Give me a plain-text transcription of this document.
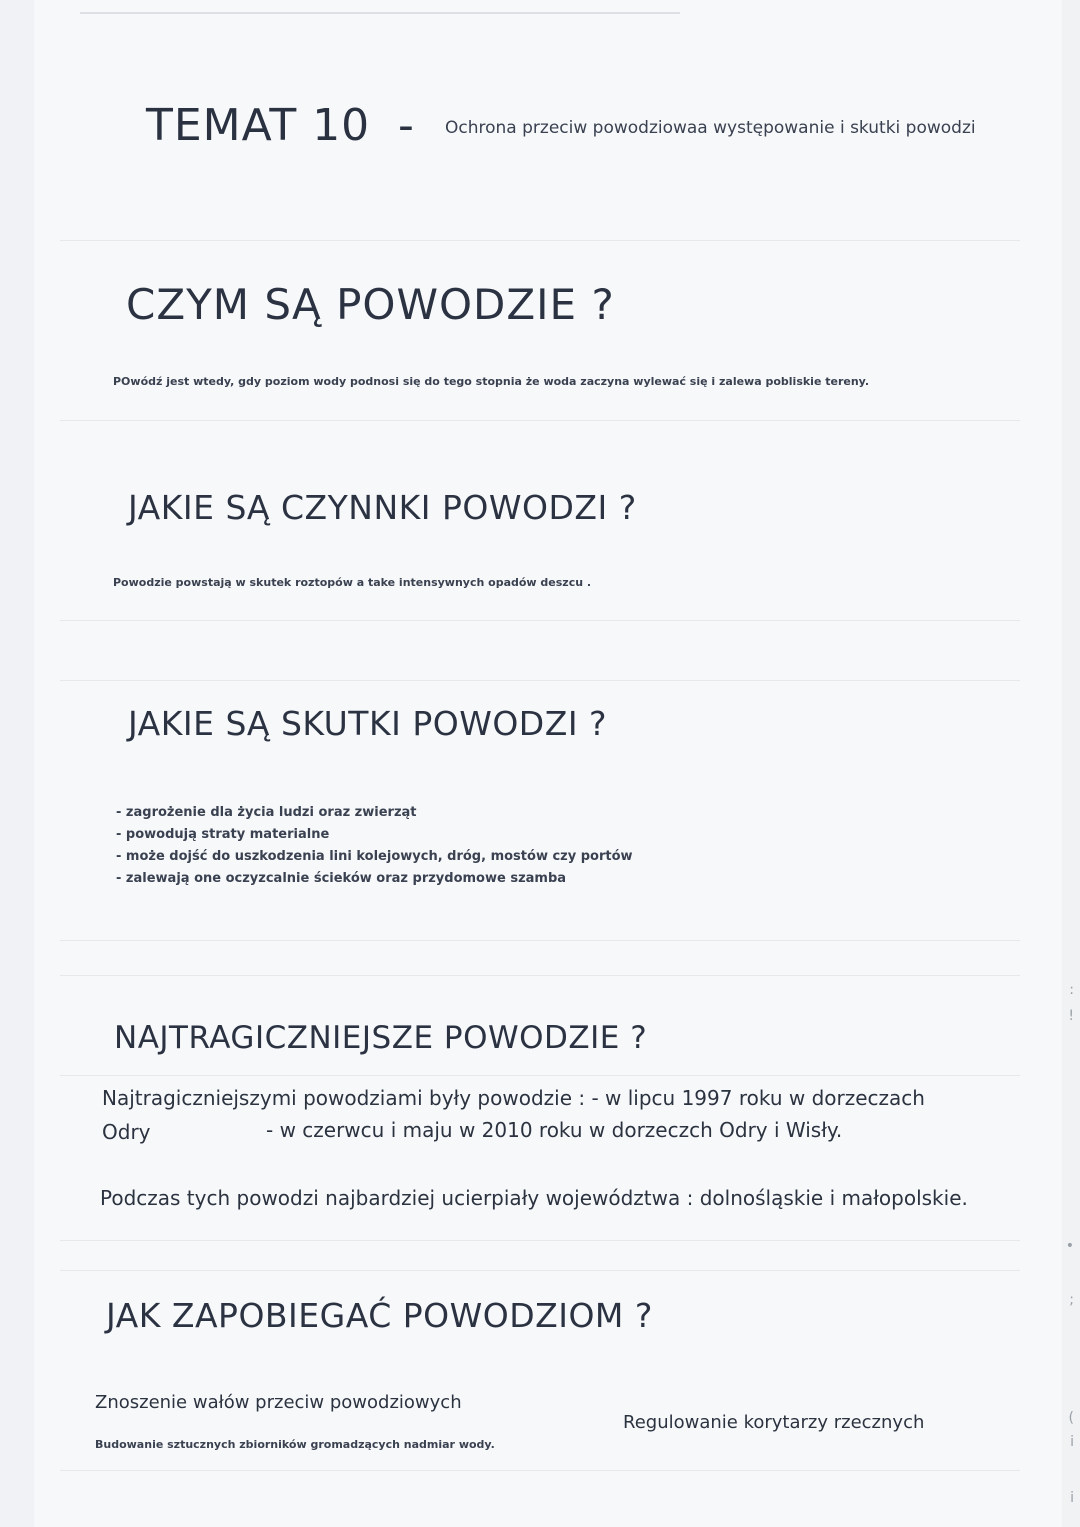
TEMAT 10 - Ochrona przeciw powodziowaa występowanie i skutki powodzi
CZYM SĄ POWODZIE ?
POwódź jest wtedy, gdy poziom wody podnosi się do tego stopnia że woda zaczyna wylewać się i zalewa pobliskie tereny.
JAKIE SĄ CZYNNKI POWODZI ?
Powodzie powstają w skutek roztopów a take intensywnych opadów deszcu .
JAKIE SĄ SKUTKI POWODZI ?
- zagrożenie dla życia ludzi oraz zwierząt
- powodują straty materialne
- może dojść do uszkodzenia lini kolejowych, dróg, mostów czy portów
- zalewają one oczyzcalnie ścieków oraz przydomowe szamba
NAJTRAGICZNIEJSZE POWODZIE ?
Najtragiczniejszymi powodziami były powodzie : - w lipcu 1997 roku w dorzeczach
Odry	- w czerwcu i maju w 2010 roku w dorzeczch Odry i Wisły.
Podczas tych powodzi najbardziej ucierpiały województwa : dolnośląskie i małopolskie.
JAK ZAPOBIEGAĆ POWODZIOM ?
Znoszenie wałów przeciw powodziowych
Budowanie sztucznych zbiorników gromadzących nadmiar wody.
Regulowanie korytarzy rzecznych
:
!
•
;
(
i
i
